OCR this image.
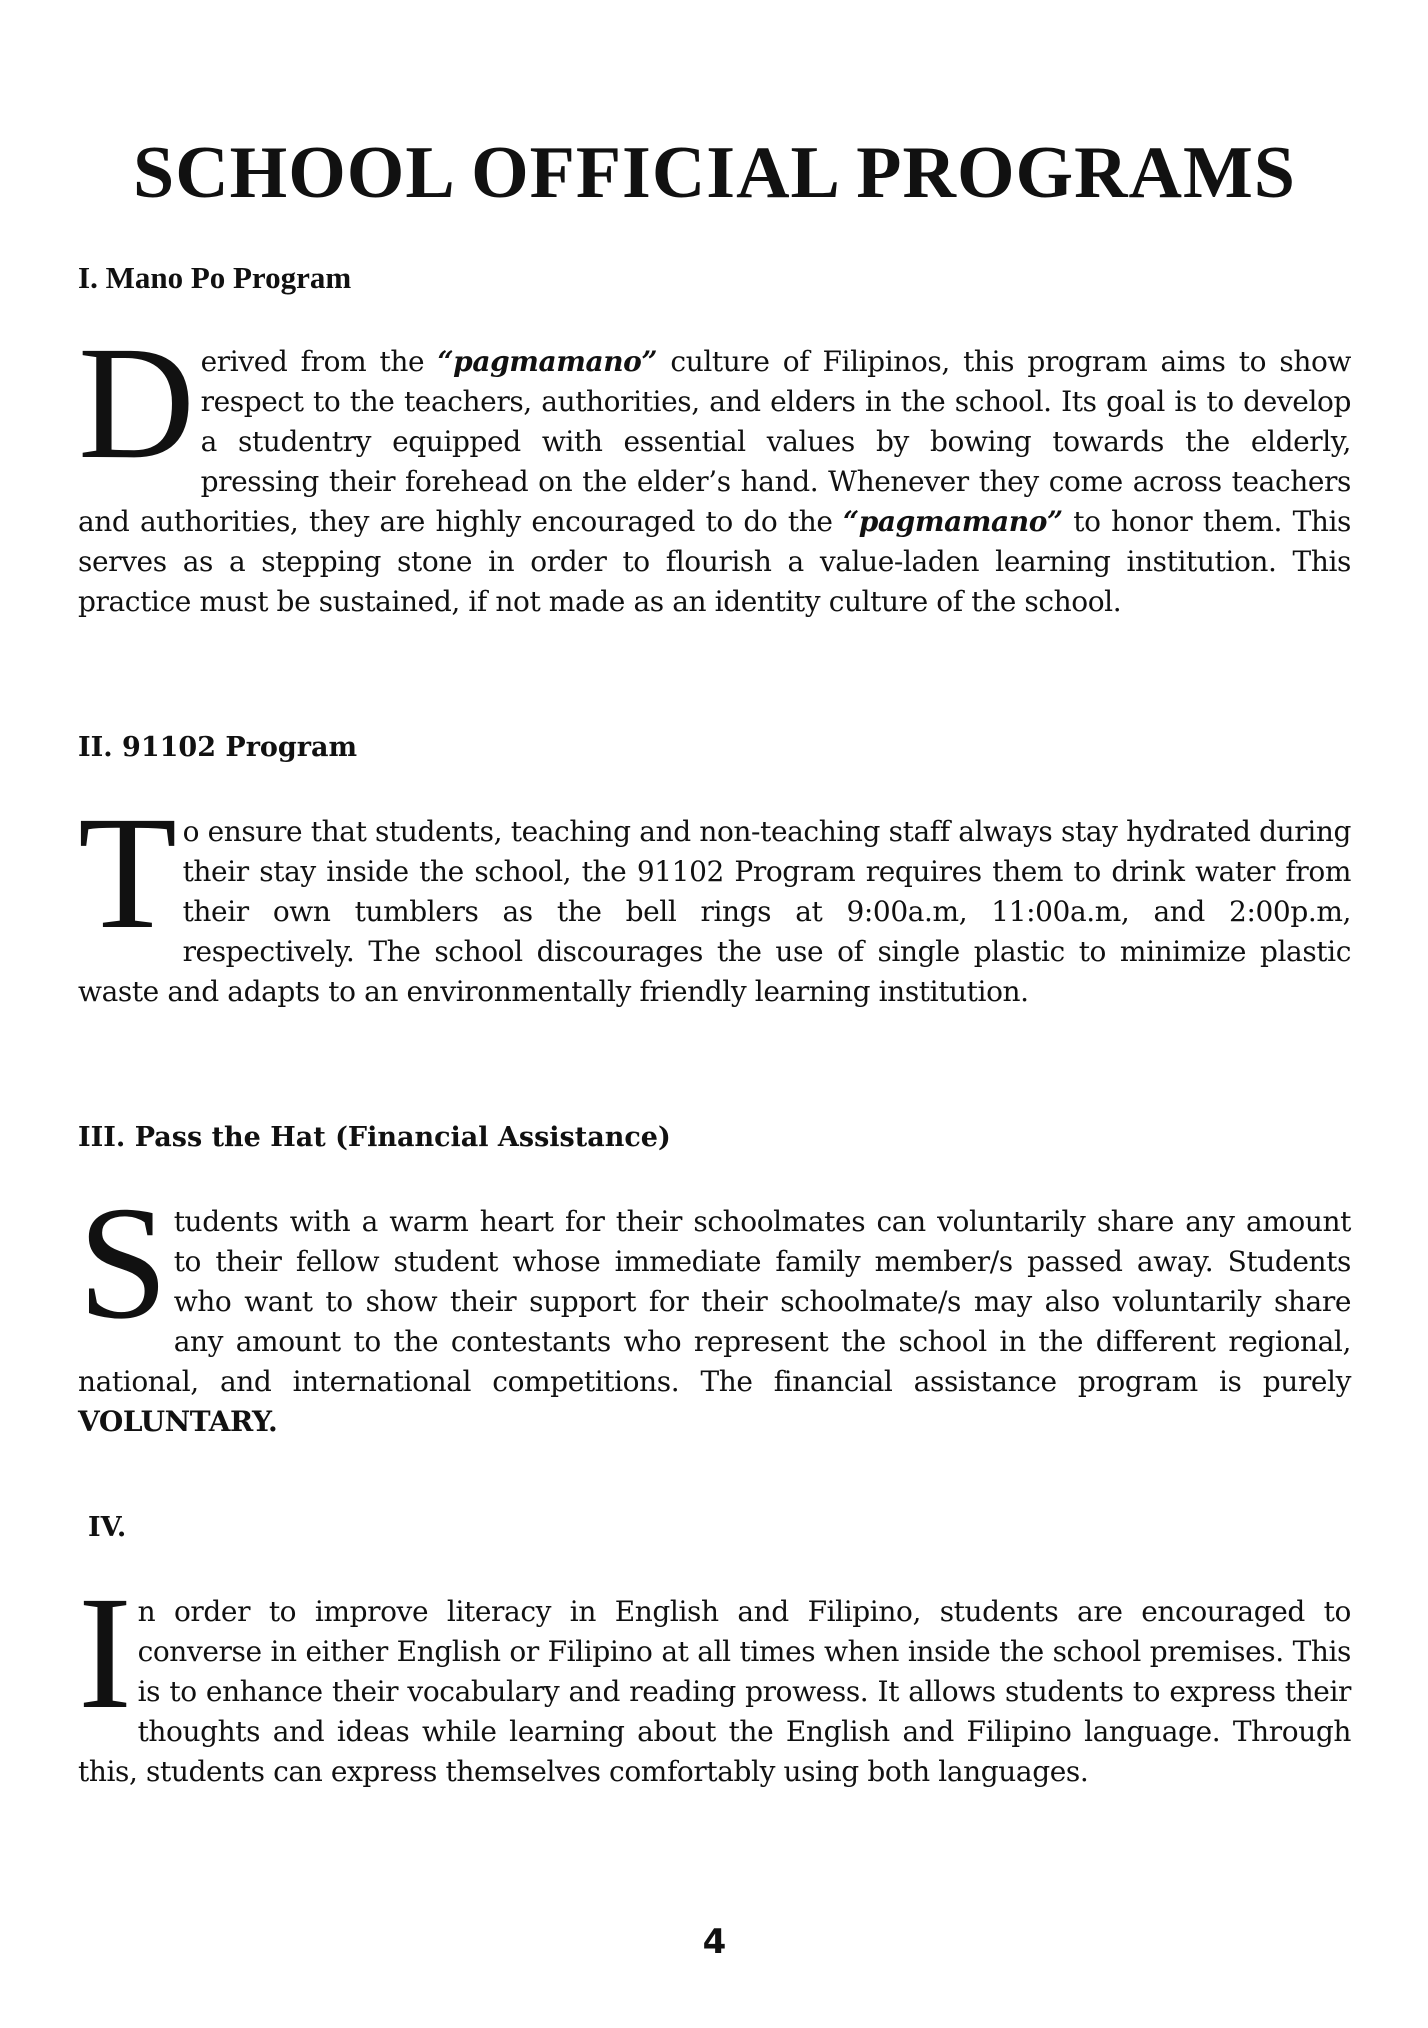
SCHOOL OFFICIAL PROGRAMS
I. Mano Po Program

Derived from the “pagmamano” culture of Filipinos, this program aims to show respect to the teachers, authorities, and elders in the school. Its goal is to develop a studentry equipped with essential values by bowing towards the elderly, pressing their forehead on the elder’s hand. Whenever they come across teachers and authorities, they are highly encouraged to do the “pagmamano” to honor them. This serves as a stepping stone in order to flourish a value-laden learning institution. This practice must be sustained, if not made as an identity culture of the school.

II. 91102 Program

To ensure that students, teaching and non-teaching staff always stay hydrated during their stay inside the school, the 91102 Program requires them to drink water from their own tumblers as the bell rings at 9:00a.m, 11:00a.m, and 2:00p.m, respectively. The school discourages the use of single plastic to minimize plastic waste and adapts to an environmentally friendly learning institution.

III. Pass the Hat (Financial Assistance)

Students with a warm heart for their schoolmates can voluntarily share any amount to their fellow student whose immediate family member/s passed away. Students who want to show their support for their schoolmate/s may also voluntarily share any amount to the contestants who represent the school in the different regional, national, and international competitions. The financial assistance program is purely VOLUNTARY.

IV.

In order to improve literacy in English and Filipino, students are encouraged to converse in either English or Filipino at all times when inside the school premises. This is to enhance their vocabulary and reading prowess. It allows students to express their thoughts and ideas while learning about the English and Filipino language. Through this, students can express themselves comfortably using both languages.

4
